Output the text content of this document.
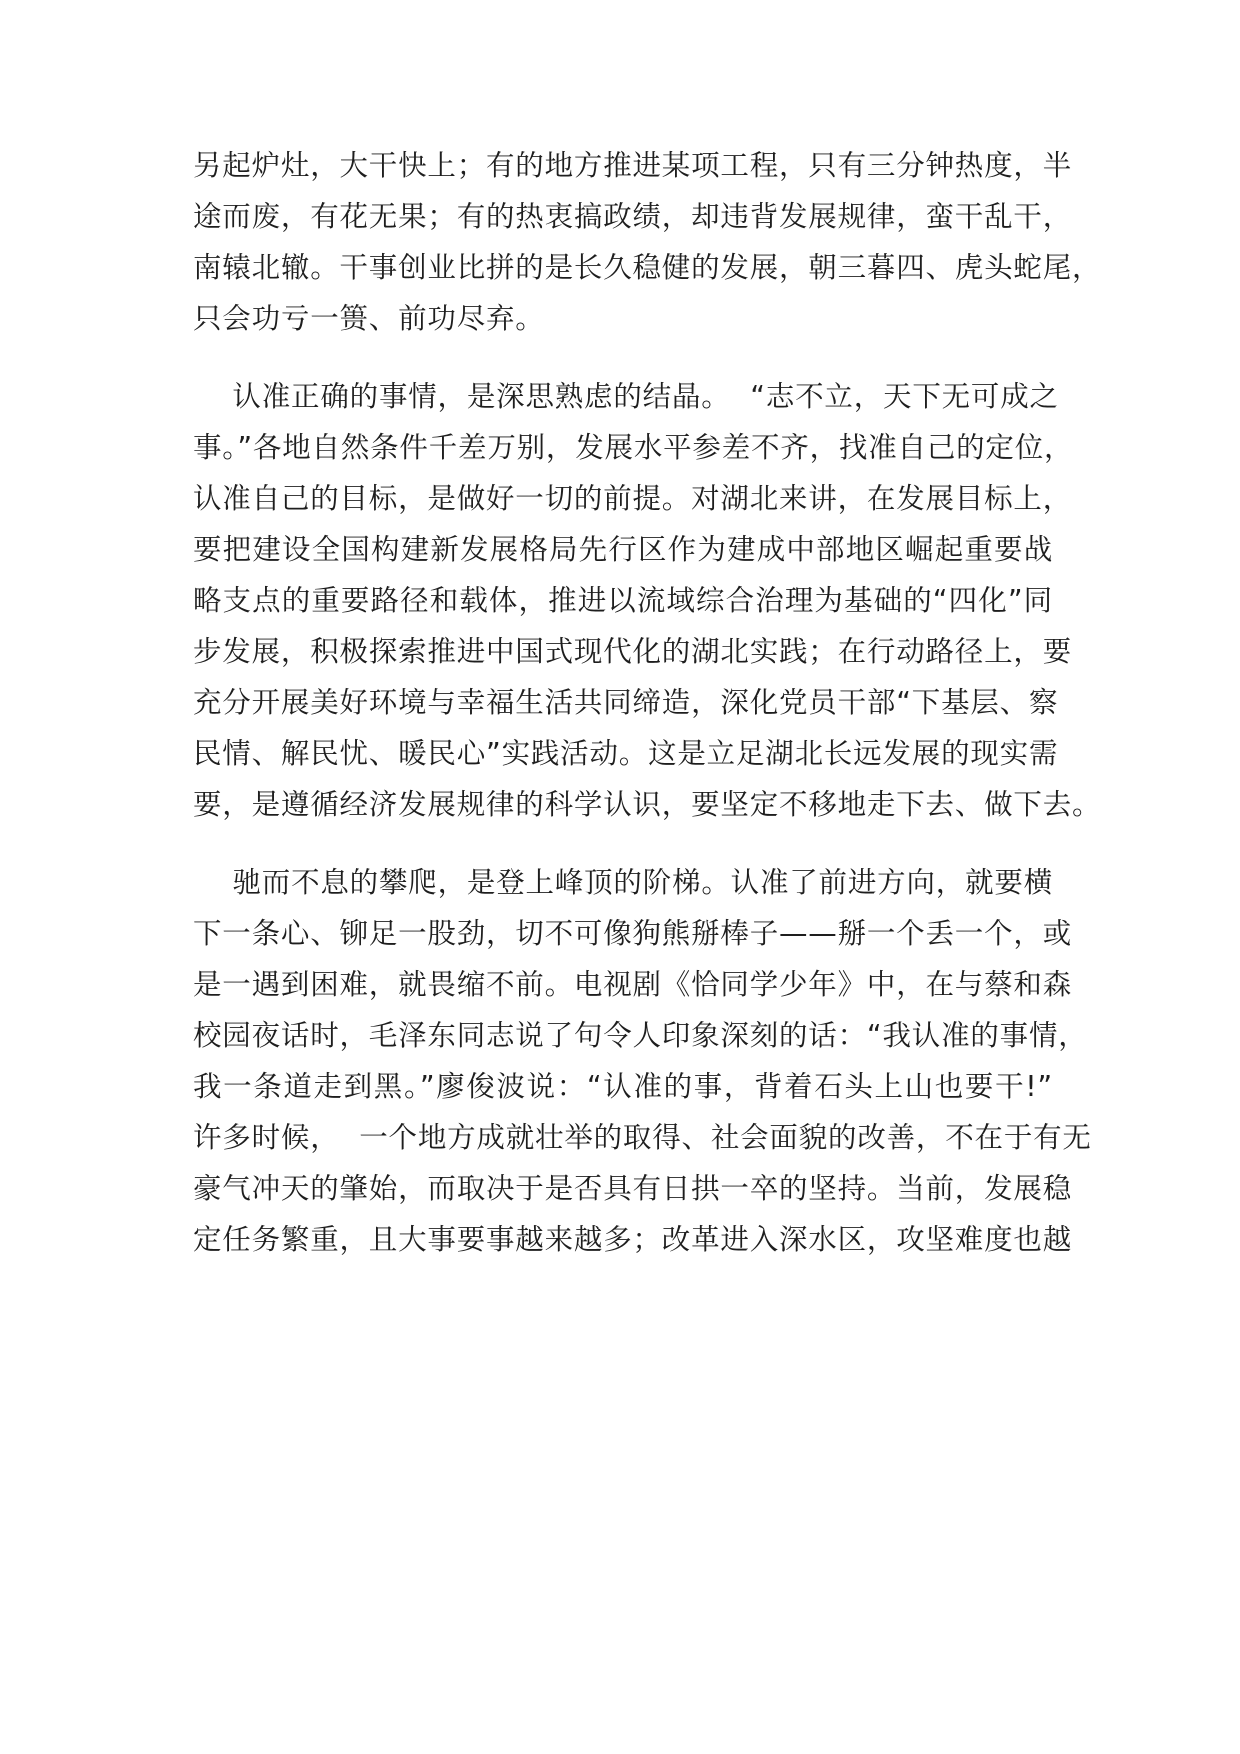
另起炉灶，大干快上；有的地方推进某项工程，只有三分钟热度，半
途而废，有花无果；有的热衷搞政绩，却违背发展规律，蛮干乱干，
南辕北辙。干事创业比拼的是长久稳健的发展，朝三暮四、虎头蛇尾，
只会功亏一篑、前功尽弃。
认准正确的事情，是深思熟虑的结晶。  “志不立，天下无可成之
事。”各地自然条件千差万别，发展水平参差不齐，找准自己的定位，
认准自己的目标，是做好一切的前提。对湖北来讲，在发展目标上，
要把建设全国构建新发展格局先行区作为建成中部地区崛起重要战
略支点的重要路径和载体，推进以流域综合治理为基础的“四化”同
步发展，积极探索推进中国式现代化的湖北实践；在行动路径上，要
充分开展美好环境与幸福生活共同缔造，深化党员干部“下基层、察
民情、解民忧、暖民心”实践活动。这是立足湖北长远发展的现实需
要，是遵循经济发展规律的科学认识，要坚定不移地走下去、做下去。
驰而不息的攀爬，是登上峰顶的阶梯。认准了前进方向，就要横
下一条心、铆足一股劲，切不可像狗熊掰棒子——掰一个丢一个，或
是一遇到困难，就畏缩不前。电视剧《恰同学少年》中，在与蔡和森
校园夜话时，毛泽东同志说了句令人印象深刻的话：“我认准的事情，
我一条道走到黑。”廖俊波说：“认准的事，背着石头上山也要干!”
许多时候，  一个地方成就壮举的取得、社会面貌的改善，不在于有无
豪气冲天的肇始，而取决于是否具有日拱一卒的坚持。当前，发展稳
定任务繁重，且大事要事越来越多；改革进入深水区，攻坚难度也越
